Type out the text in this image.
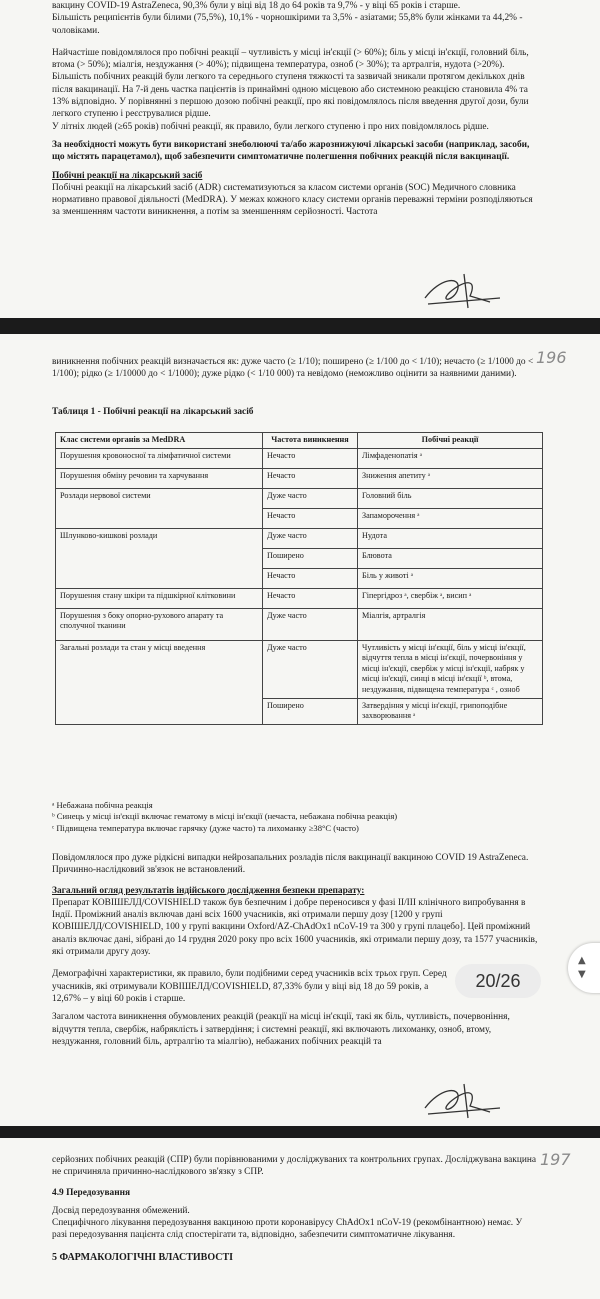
вакцину COVID-19 AstraZeneca, 90,3% були у віці від 18 до 64 років та 9,7% - у віці 65 років і старше.

Більшість реципієнтів були білими (75,5%), 10,1% - чорношкірими та 3,5% - азіатами; 55,8% були жінками та 44,2% - чоловіками.

Найчастіше повідомлялося про побічні реакції – чутливість у місці ін'єкції (> 60%); біль у місці ін'єкції, головний біль, втома (> 50%); міалгія, нездужання (> 40%); підвищена температура, озноб (> 30%); та артралгія, нудота (>20%). Більшість побічних реакцій були легкого та середнього ступеня тяжкості та зазвичай зникали протягом декількох днів після вакцинації. На 7-й день частка пацієнтів із принаймні одною місцевою або системною реакцією становила 4% та 13% відповідно. У порівнянні з першою дозою побічні реакції, про які повідомлялось після введення другої дози, були легкого ступеню і реєструвалися рідше.

У літніх людей (≥65 років) побічні реакції, як правило, були легкого ступеню і про них повідомлялось рідше.

За необхідності можуть бути використані знеболюючі та/або жарознижуючі лікарські засоби (наприклад, засоби, що містять парацетамол), щоб забезпечити симптоматичне полегшення побічних реакцій після вакцинації.

Побічні реакції на лікарський засіб

Побічні реакції на лікарський засіб (ADR) систематизуються за класом системи органів (SOC) Медичного словника нормативно правової діяльності (MedDRA). У межах кожного класу системи органів переважні терміни розподіляються за зменшенням частоти виникнення, а потім за зменшенням серйозності. Частота

196

виникнення побічних реакцій визначається як: дуже часто (≥ 1/10); поширено (≥ 1/100 до < 1/10); нечасто (≥ 1/1000 до < 1/100); рідко (≥ 1/10000 до < 1/1000); дуже рідко (< 1/10 000) та невідомо (неможливо оцінити за наявними даними).

Таблиця 1 - Побічні реакції на лікарський засіб
Клас системи органів за MedDRA	Частота виникнення	Побічні реакції
Порушення кровоносної та лімфатичної системи	Нечасто	Лімфаденопатія ᵃ
Порушення обміну речовин та харчування	Нечасто	Зниження апетиту ᵃ
Розлади нервової системи	Дуже часто	Головний біль
	Нечасто	Запаморочення ᵃ
Шлунково-кишкові розлади	Дуже часто	Нудота
	Поширено	Блювота
	Нечасто	Біль у животі ᵃ
Порушення стану шкіри та підшкірної клітковини	Нечасто	Гіпергідроз ᵃ, свербіж ᵃ, висип ᵃ
Порушення з боку опорно-рухового апарату та сполучної тканини	Дуже часто	Міалгія, артралгія
Загальні розлади та стан у місці введення	Дуже часто	Чутливість у місці ін'єкції, біль у місці ін'єкції, відчуття тепла в місці ін'єкції, почервоніння у місці ін'єкції, свербіж у місці ін'єкції, набряк у місці ін'єкції, синці в місці ін'єкції ᵇ, втома, нездужання, підвищена температура ᶜ , озноб
	Поширено	Затвердіння у місці ін'єкції, грипоподібне захворювання ᵃ
ᵃ Небажана побічна реакція
ᵇ Синець у місці ін'єкції включає гематому в місці ін'єкції (нечаста, небажана побічна реакція)
ᶜ Підвищена температура включає гарячку (дуже часто) та лихоманку ≥38°С (часто)

Повідомлялося про дуже рідкісні випадки нейрозапальних розладів після вакцинації вакциною COVID 19 AstraZeneca. Причинно-наслідковий зв'язок не встановлений.

Загальний огляд результатів індійського дослідження безпеки препарату:

Препарат КОВІШЕЛД/COVISHIELD також був безпечним і добре переносився у фазі II/III клінічного випробування в Індії. Проміжний аналіз включав дані всіх 1600 учасників, які отримали першу дозу [1200 у групі КОВІШЕЛД/COVISHIELD, 100 у групі вакцини Oxford/AZ-ChAdOx1 nCoV-19 та 300 у групі плацебо]. Цей проміжний аналіз включає дані, зібрані до 14 грудня 2020 року про всіх 1600 учасників, які отримали першу дозу, та 1577 учасників, які отримали другу дозу.

Демографічні характеристики, як правило, були подібними серед учасників всіх трьох груп. Серед учасників, які отримували КОВІШЕЛД/COVISHIELD, 87,33% були у віці від 18 до 59 років, а 12,67% – у віці 60 років і старше.

Загалом частота виникнення обумовлених реакцій (реакції на місці ін'єкції, такі як біль, чутливість, почервоніння, відчуття тепла, свербіж, набряклість і затвердіння; і системні реакції, які включають лихоманку, озноб, втому, нездужання, головний біль, артралгію та міалгію), небажаних побічних реакцій та

197

серйозних побічних реакцій (СПР) були порівнюваними у досліджуваних та контрольних групах. Досліджувана вакцина не спричиняла причинно-наслідкового зв'язку з СПР.

4.9 Передозування

Досвід передозування обмежений.

Специфічного лікування передозування вакциною проти коронавірусу ChAdOx1 nCoV-19 (рекомбінантною) немає. У разі передозування пацієнта слід спостерігати та, відповідно, забезпечити симптоматичне лікування.

5 ФАРМАКОЛОГІЧНІ ВЛАСТИВОСТІ

20/26
▲
▼
